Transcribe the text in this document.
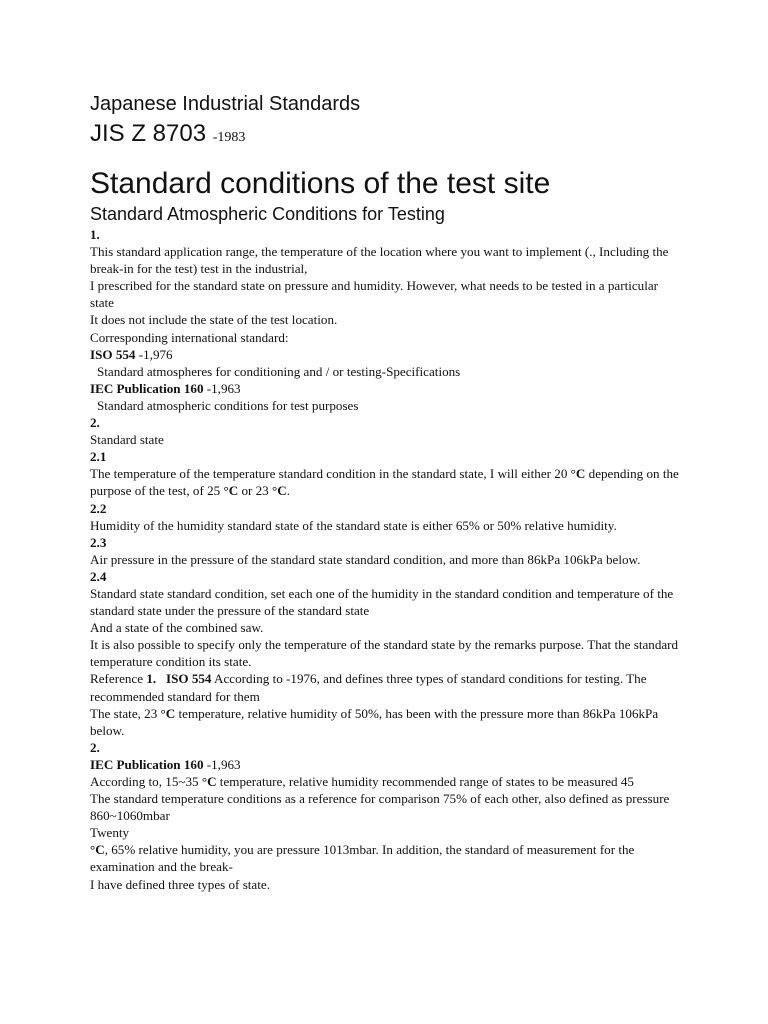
Japanese Industrial Standards
JIS Z 8703 -1983
Standard conditions of the test site
Standard Atmospheric Conditions for Testing

1.

This standard application range, the temperature of the location where you want to implement (., Including the break-in for the test) test in the industrial,

I prescribed for the standard state on pressure and humidity. However, what needs to be tested in a particular state

It does not include the state of the test location.

Corresponding international standard:

ISO 554 -1,976

Standard atmospheres for conditioning and / or testing-Specifications

IEC Publication 160 -1,963

Standard atmospheric conditions for test purposes

2.

Standard state

2.1

The temperature of the temperature standard condition in the standard state, I will either 20 °C depending on the purpose of the test, of 25 °C or 23 °C.

2.2

Humidity of the humidity standard state of the standard state is either 65% or 50% relative humidity.

2.3

Air pressure in the pressure of the standard state standard condition, and more than 86kPa 106kPa below.

2.4

Standard state standard condition, set each one of the humidity in the standard condition and temperature of the standard state under the pressure of the standard state

And a state of the combined saw.

It is also possible to specify only the temperature of the standard state by the remarks purpose. That the standard temperature condition its state.

Reference 1. ISO 554 According to -1976, and defines three types of standard conditions for testing. The recommended standard for them

The state, 23 °C temperature, relative humidity of 50%, has been with the pressure more than 86kPa 106kPa below.

2.

IEC Publication 160 -1,963

According to, 15~35 °C temperature, relative humidity recommended range of states to be measured 45

The standard temperature conditions as a reference for comparison 75% of each other, also defined as pressure 860~1060mbar

Twenty

°C, 65% relative humidity, you are pressure 1013mbar. In addition, the standard of measurement for the examination and the break-

I have defined three types of state.
